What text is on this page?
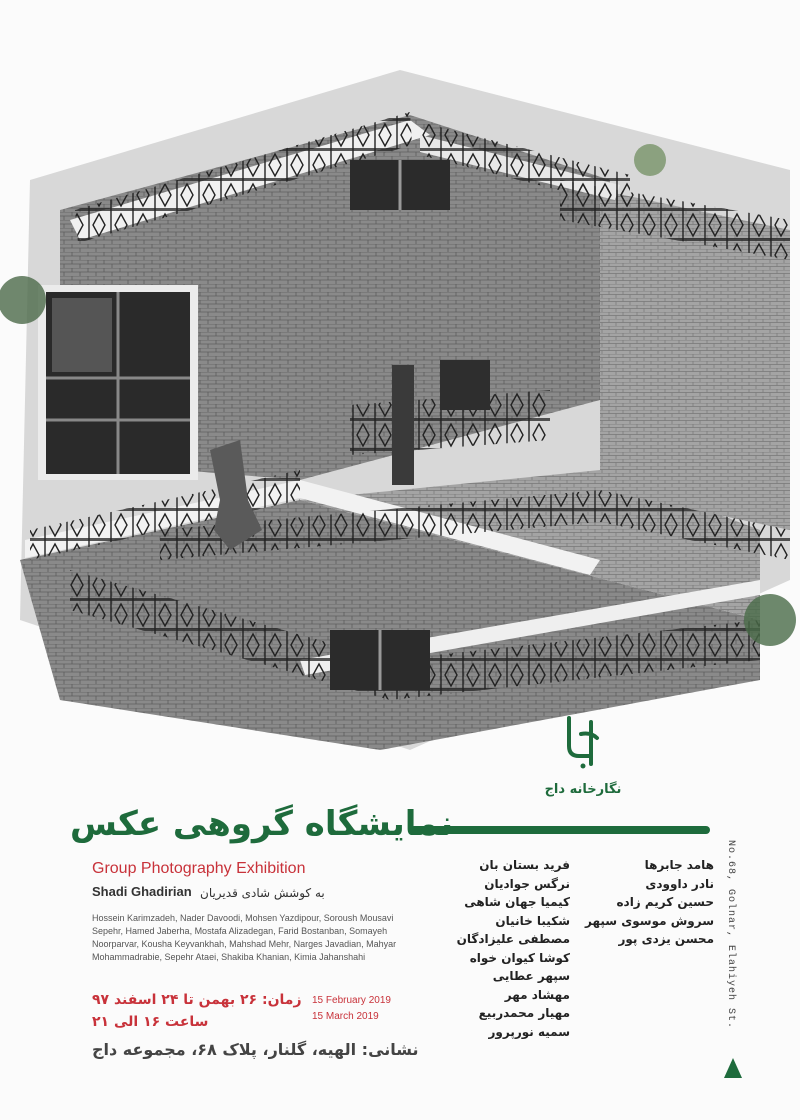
نگارخانه داج
نمایشگاه گروهی عکس
Group Photography Exhibition
Shadi Ghadirian به کوشش شادی قدیریان
Hossein Karimzadeh, Nader Davoodi, Mohsen Yazdipour, Soroush Mousavi Sepehr, Hamed Jaberha, Mostafa Alizadegan, Farid Bostanban, Somayeh Noorparvar, Kousha Keyvankhah, Mahshad Mehr, Narges Javadian, Mahyar Mohammadrabie, Sepehr Ataei, Shakiba Khanian, Kimia Jahanshahi
زمان: ۲۶ بهمن تا ۲۴ اسفند ۹۷
ساعت ۱۶ الی ۲۱
15 February 2019
15 March 2019
نشانی: الهیه، گلنار، پلاک ۶۸، مجموعه داج
هامد جابرها
نادر داوودی
حسین کریم زاده
سروش موسوی سپهر
محسن یزدی پور
فرید بستان بان
نرگس جوادیان
کیمیا جهان شاهی
شکیبا خانیان
مصطفی علیزادگان
کوشا کیوان خواه
سپهر عطایی
مهشاد مهر
مهیار محمدربیع
سمیه نورپرور
No.68, Golnar, Elahiyeh St.
